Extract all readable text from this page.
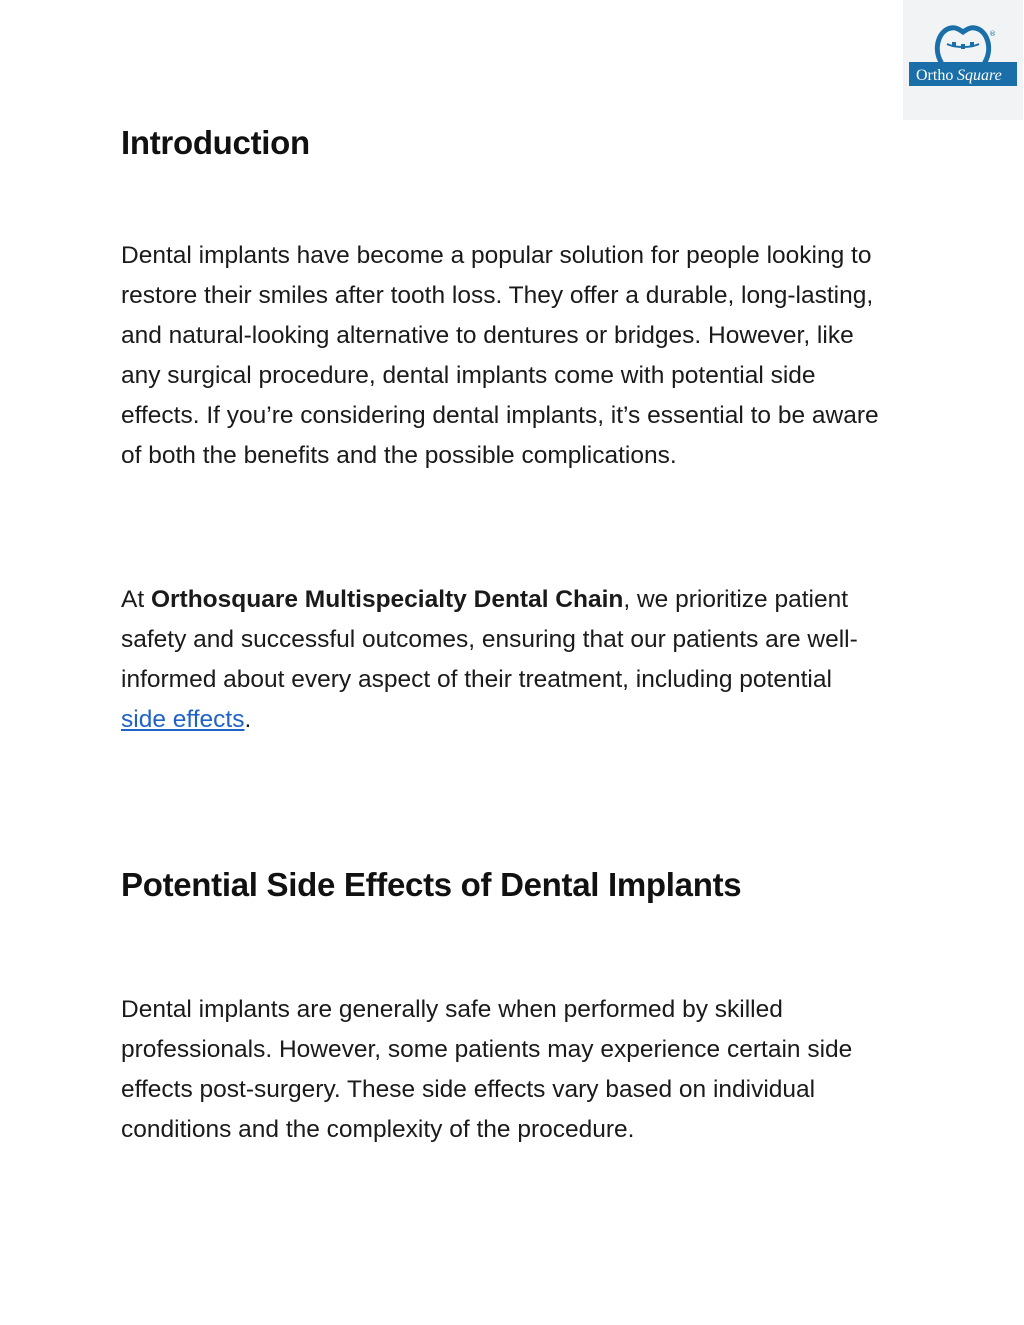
®
Ortho Square
Introduction

Dental implants have become a popular solution for people looking to restore their smiles after tooth loss. They offer a durable, long-lasting, and natural-looking alternative to dentures or bridges. However, like any surgical procedure, dental implants come with potential side effects. If you’re considering dental implants, it’s essential to be aware of both the benefits and the possible complications.

At Orthosquare Multispecialty Dental Chain, we prioritize patient safety and successful outcomes, ensuring that our patients are well-informed about every aspect of their treatment, including potential side effects.

Potential Side Effects of Dental Implants

Dental implants are generally safe when performed by skilled professionals. However, some patients may experience certain side effects post-surgery. These side effects vary based on individual conditions and the complexity of the procedure.
